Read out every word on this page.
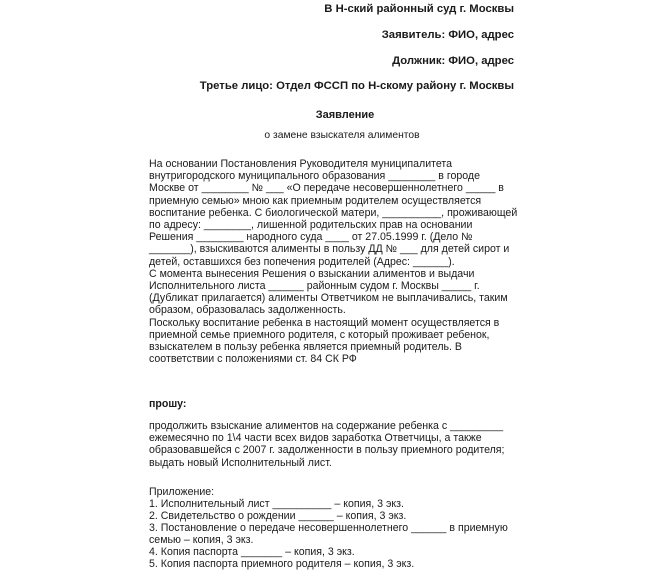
В Н-ский районный суд г. Москвы
Заявитель: ФИО, адрес
Должник: ФИО, адрес
Третье лицо: Отдел ФССП по Н-скому району г. Москвы
Заявление
о замене взыскателя алиментов
На основании Постановления Руководителя муниципалитета
внутригородского муниципального образования ________ в городе
Москве от ________ № ___ «О передаче несовершеннолетнего _____ в
приемную семью» мною как приемным родителем осуществляется
воспитание ребенка. С биологической матери, __________, проживающей
по адресу: ________, лишенной родительских прав на основании
Решения ________ народного суда ____ от 27.05.1999 г. (Дело №
_______), взыскиваются алименты в пользу ДД № ___ для детей сирот и
детей, оставшихся без попечения родителей (Адрес: ______).
С момента вынесения Решения о взыскании алиментов и выдачи
Исполнительного листа ______ районным судом г. Москвы _____ г.
(Дубликат прилагается) алименты Ответчиком не выплачивались, таким
образом, образовалась задолженность.
Поскольку воспитание ребенка в настоящий момент осуществляется в
приемной семье приемного родителя, с который проживает ребенок,
взыскателем в пользу ребенка является приемный родитель. В
соответствии с положениями ст. 84 СК РФ
прошу:
продолжить взыскание алиментов на содержание ребенка с _________
ежемесячно по 1\4 части всех видов заработка Ответчицы, а также
образовавшейся с 2007 г. задолженности в пользу приемного родителя;
выдать новый Исполнительный лист.
Приложение:
1. Исполнительный лист __________ – копия, 3 экз.
2. Свидетельство о рождении ______ – копия, 3 экз.
3. Постановление о передаче несовершеннолетнего ______ в приемную
семью – копия, 3 экз.
4. Копия паспорта _______ – копия, 3 экз.
5. Копия паспорта приемного родителя – копия, 3 экз.
